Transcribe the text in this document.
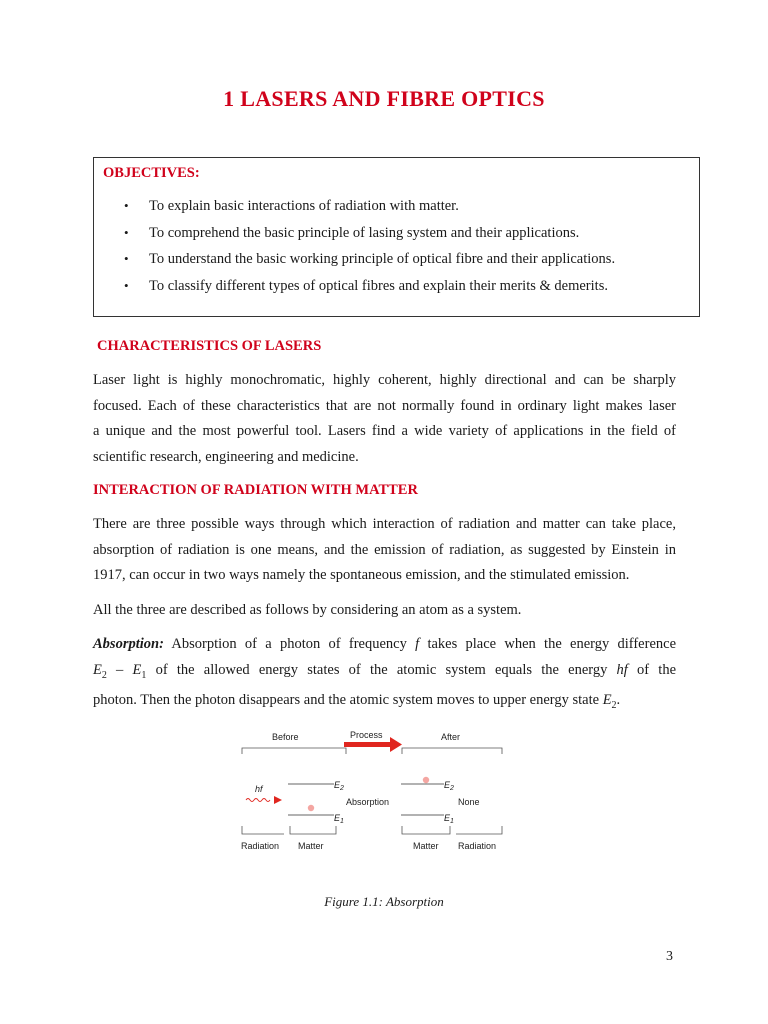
1 LASERS AND FIBRE OPTICS
OBJECTIVES:
• To explain basic interactions of radiation with matter.
• To comprehend the basic principle of lasing system and their applications.
• To understand the basic working principle of optical fibre and their applications.
• To classify different types of optical fibres and explain their merits & demerits.
CHARACTERISTICS OF LASERS
Laser light is highly monochromatic, highly coherent, highly directional and can be sharply
focused. Each of these characteristics that are not normally found in ordinary light makes laser
a unique and the most powerful tool. Lasers find a wide variety of applications in the field of
scientific research, engineering and medicine.
INTERACTION OF RADIATION WITH MATTER
There are three possible ways through which interaction of radiation and matter can take place,
absorption of radiation is one means, and the emission of radiation, as suggested by Einstein in
1917, can occur in two ways namely the spontaneous emission, and the stimulated emission.
All the three are described as follows by considering an atom as a system.
Absorption: Absorption of a photon of frequency f takes place when the energy difference
$E_2 - E_1$ of the allowed energy states of the atomic system equals the energy hf of the
photon. Then the photon disappears and the atomic system moves to upper energy state $E_2$.
Before	Process	After
hf	$E_2$
$E_1$
Absorption
$E_2$
$E_1$
None
Radiation Matter	Matter Radiation
Figure 1.1: Absorption
3
